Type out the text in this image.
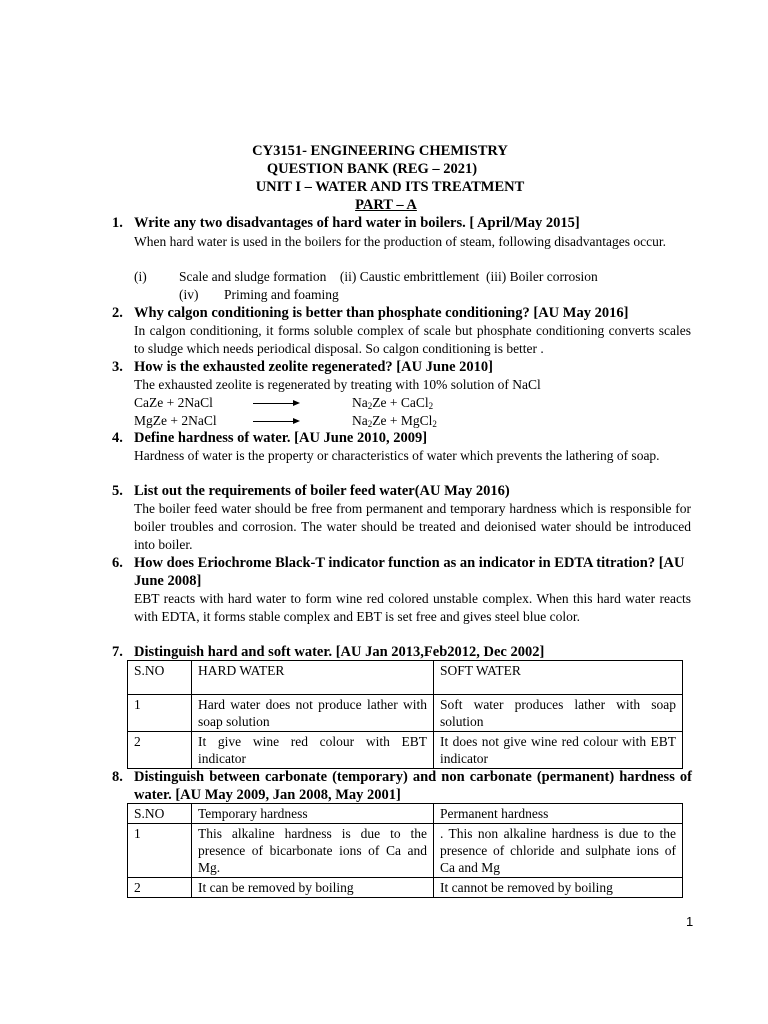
CY3151- ENGINEERING CHEMISTRY
QUESTION BANK (REG – 2021)
UNIT I – WATER AND ITS TREATMENT
PART – A
1. Write any two disadvantages of hard water in boilers. [ April/May 2015]
When hard water is used in the boilers for the production of steam, following disadvantages occur.
(i) Scale and sludge formation    (ii) Caustic embrittlement  (iii) Boiler corrosion
(iv) Priming and foaming
2. Why calgon conditioning is better than phosphate conditioning? [AU May 2016]
In calgon conditioning, it forms soluble complex of scale but phosphate conditioning converts scales to sludge which needs periodical disposal. So calgon conditioning is better .
3. How is the exhausted zeolite regenerated? [AU June 2010]
The exhausted zeolite is regenerated by treating with 10% solution of NaCl
CaZe + 2NaCl	$Na_2Ze$ + CaCl$_2$
MgZe + 2NaCl	$Na_2Ze$ + MgCl$_2$
4. Define hardness of water. [AU June 2010, 2009]
Hardness of water is the property or characteristics of water which prevents the lathering of soap.
5. List out the requirements of boiler feed water(AU May 2016)
The boiler feed water should be free from permanent and temporary hardness which is responsible for boiler troubles and corrosion. The water should be treated and deionised water should be introduced into boiler.
6. How does Eriochrome Black-T indicator function as an indicator in EDTA titration? [AU June 2008]
EBT reacts with hard water to form wine red colored unstable complex. When this hard water reacts with EDTA, it forms stable complex and EBT is set free and gives steel blue color.
7. Distinguish hard and soft water. [AU Jan 2013,Feb2012, Dec 2002]
S.NO	HARD WATER	SOFT WATER
1	Hard water does not produce lather with soap solution	Soft water produces lather with soap solution
2	It give wine red colour with EBT indicator	It does not give wine red colour with EBT indicator
8. Distinguish between carbonate (temporary) and non carbonate (permanent) hardness of water. [AU May 2009, Jan 2008, May 2001]
S.NO	Temporary hardness	Permanent hardness
1	This alkaline hardness is due to the presence of bicarbonate ions of Ca and Mg.	. This non alkaline hardness is due to the presence of chloride and sulphate ions of Ca and Mg
2	It can be removed by boiling	It cannot be removed by boiling
1
